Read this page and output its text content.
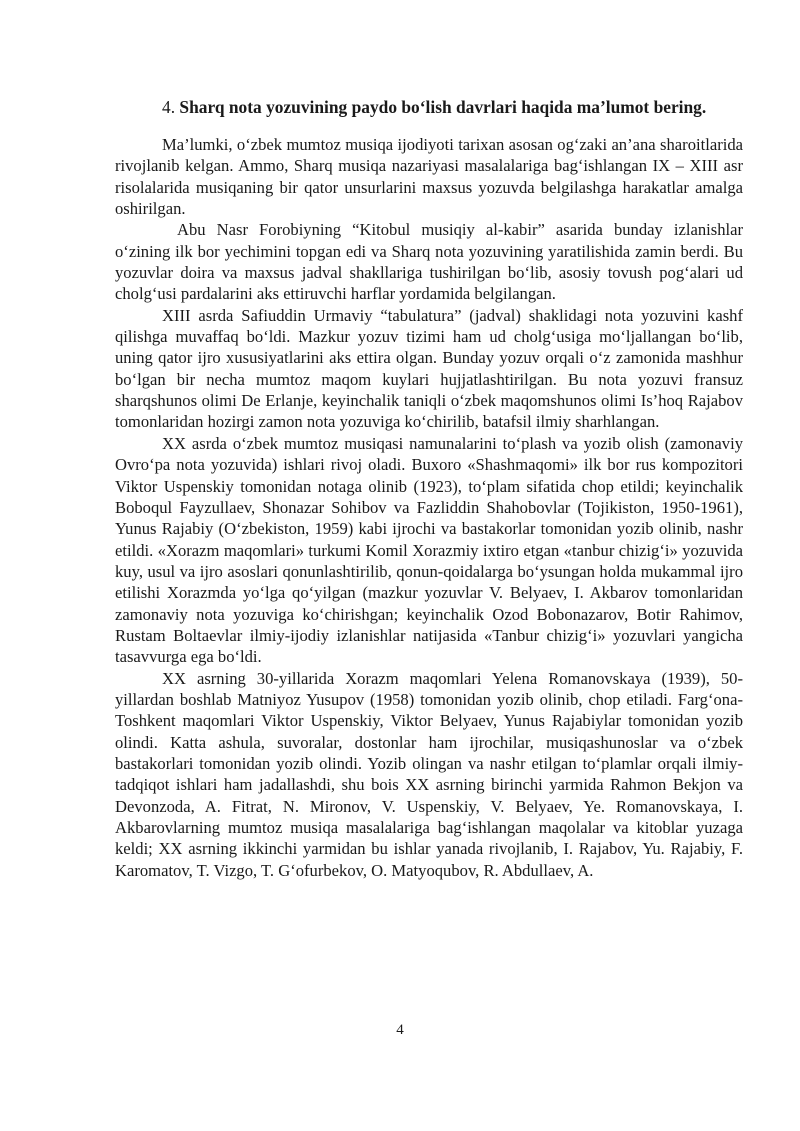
4. Sharq nota yozuvining paydo bo‘lish davrlari haqida ma’lumot bering.

Ma’lumki, o‘zbek mumtoz musiqa ijodiyoti tarixan asosan og‘zaki an’ana sharoitlarida rivojlanib kelgan. Ammo, Sharq musiqa nazariyasi masalalariga bag‘ishlangan IX – XIII asr risolalarida musiqaning bir qator unsurlarini maxsus yozuvda belgilashga harakatlar amalga oshirilgan.

Abu Nasr Forobiyning “Kitobul musiqiy al-kabir” asarida bunday izlanishlar o‘zining ilk bor yechimini topgan edi va Sharq nota yozuvining yaratilishida zamin berdi. Bu yozuvlar doira va maxsus jadval shakllariga tushirilgan bo‘lib, asosiy tovush pog‘alari ud cholg‘usi pardalarini aks ettiruvchi harflar yordamida belgilangan.

XIII asrda Safiuddin Urmaviy “tabulatura” (jadval) shaklidagi nota yozuvini kashf qilishga muvaffaq bo‘ldi. Mazkur yozuv tizimi ham ud cholg‘usiga mo‘ljallangan bo‘lib, uning qator ijro xususiyatlarini aks ettira olgan. Bunday yozuv orqali o‘z zamonida mashhur bo‘lgan bir necha mumtoz maqom kuylari hujjatlashtirilgan. Bu nota yozuvi fransuz sharqshunos olimi De Erlanje, keyinchalik taniqli o‘zbek maqomshunos olimi Is’hoq Rajabov tomonlaridan hozirgi zamon nota yozuviga ko‘chirilib, batafsil ilmiy sharhlangan.

XX asrda o‘zbek mumtoz musiqasi namunalarini to‘plash va yozib olish (zamonaviy Ovro‘pa nota yozuvida) ishlari rivoj oladi. Buxoro «Shashmaqomi» ilk bor rus kompozitori Viktor Uspenskiy tomonidan notaga olinib (1923), to‘plam sifatida chop etildi; keyinchalik Boboqul Fayzullaev, Shonazar Sohibov va Fazliddin Shahobovlar (Tojikiston, 1950-1961), Yunus Rajabiy (O‘zbekiston, 1959) kabi ijrochi va bastakorlar tomonidan yozib olinib, nashr etildi. «Xorazm maqomlari» turkumi Komil Xorazmiy ixtiro etgan «tanbur chizig‘i» yozuvida kuy, usul va ijro asoslari qonunlashtirilib, qonun-qoidalarga bo‘ysungan holda mukammal ijro etilishi Xorazmda yo‘lga qo‘yilgan (mazkur yozuvlar V. Belyaev, I. Akbarov tomonlaridan zamonaviy nota yozuviga ko‘chirishgan; keyinchalik Ozod Bobonazarov, Botir Rahimov, Rustam Boltaevlar ilmiy-ijodiy izlanishlar natijasida «Tanbur chizig‘i» yozuvlari yangicha tasavvurga ega bo‘ldi.

XX asrning 30-yillarida Xorazm maqomlari Yelena Romanovskaya (1939), 50-yillardan boshlab Matniyoz Yusupov (1958) tomonidan yozib olinib, chop etiladi. Farg‘ona-Toshkent maqomlari Viktor Uspenskiy, Viktor Belyaev, Yunus Rajabiylar tomonidan yozib olindi. Katta ashula, suvoralar, dostonlar ham ijrochilar, musiqashunoslar va o‘zbek bastakorlari tomonidan yozib olindi. Yozib olingan va nashr etilgan to‘plamlar orqali ilmiy-tadqiqot ishlari ham jadallashdi, shu bois XX asrning birinchi yarmida Rahmon Bekjon va Devonzoda, A. Fitrat, N. Mironov, V. Uspenskiy, V. Belyaev, Ye. Romanovskaya, I. Akbarovlarning mumtoz musiqa masalalariga bag‘ishlangan maqolalar va kitoblar yuzaga keldi; XX asrning ikkinchi yarmidan bu ishlar yanada rivojlanib, I. Rajabov, Yu. Rajabiy, F. Karomatov, T. Vizgo, T. G‘ofurbekov, O. Matyoqubov, R. Abdullaev, A.

4
